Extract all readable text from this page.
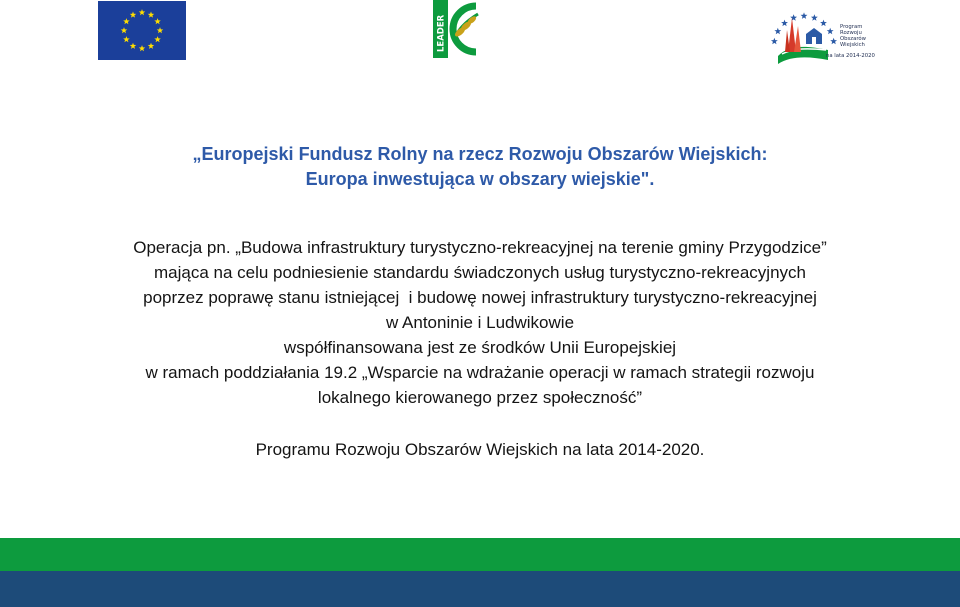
LEADER	Program
Rozwoju
Obszarów
Wiejskich
na lata 2014-2020
„Europejski Fundusz Rolny na rzecz Rozwoju Obszarów Wiejskich:
Europa inwestująca w obszary wiejskie".
Operacja pn. „Budowa infrastruktury turystyczno-rekreacyjnej na terenie gminy Przygodzice”
mająca na celu podniesienie standardu świadczonych usług turystyczno-rekreacyjnych
poprzez poprawę stanu istniejącej  i budowę nowej infrastruktury turystyczno-rekreacyjnej
w Antoninie i Ludwikowie
współfinansowana jest ze środków Unii Europejskiej
w ramach poddziałania 19.2 „Wsparcie na wdrażanie operacji w ramach strategii rozwoju
lokalnego kierowanego przez społeczność”
Programu Rozwoju Obszarów Wiejskich na lata 2014-2020.
